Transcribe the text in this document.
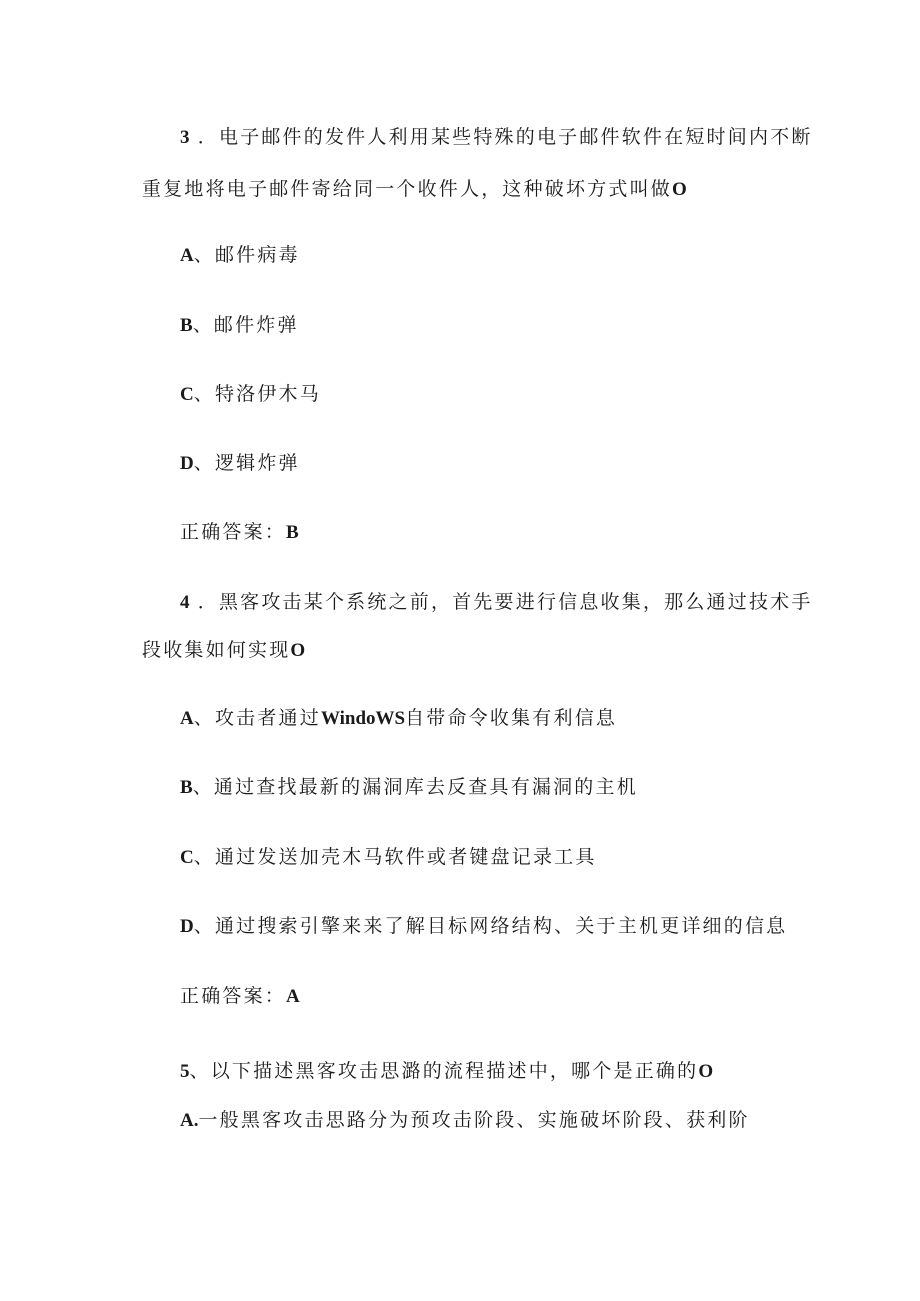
3 ．电子邮件的发件人利用某些特殊的电子邮件软件在短时间内不断
重复地将电子邮件寄给同一个收件人，这种破坏方式叫做O
A、邮件病毒
B、邮件炸弹
C、特洛伊木马
D、逻辑炸弹
正确答案：B
4 ．黑客攻击某个系统之前，首先要进行信息收集，那么通过技术手
段收集如何实现O
A、攻击者通过WindoWS自带命令收集有利信息
B、通过查找最新的漏洞库去反查具有漏洞的主机
C、通过发送加壳木马软件或者键盘记录工具
D、通过搜索引擎来来了解目标网络结构、关于主机更详细的信息
正确答案：A
5、以下描述黑客攻击思潞的流程描述中，哪个是正确的O
A.一般黑客攻击思路分为预攻击阶段、实施破坏阶段、获利阶
